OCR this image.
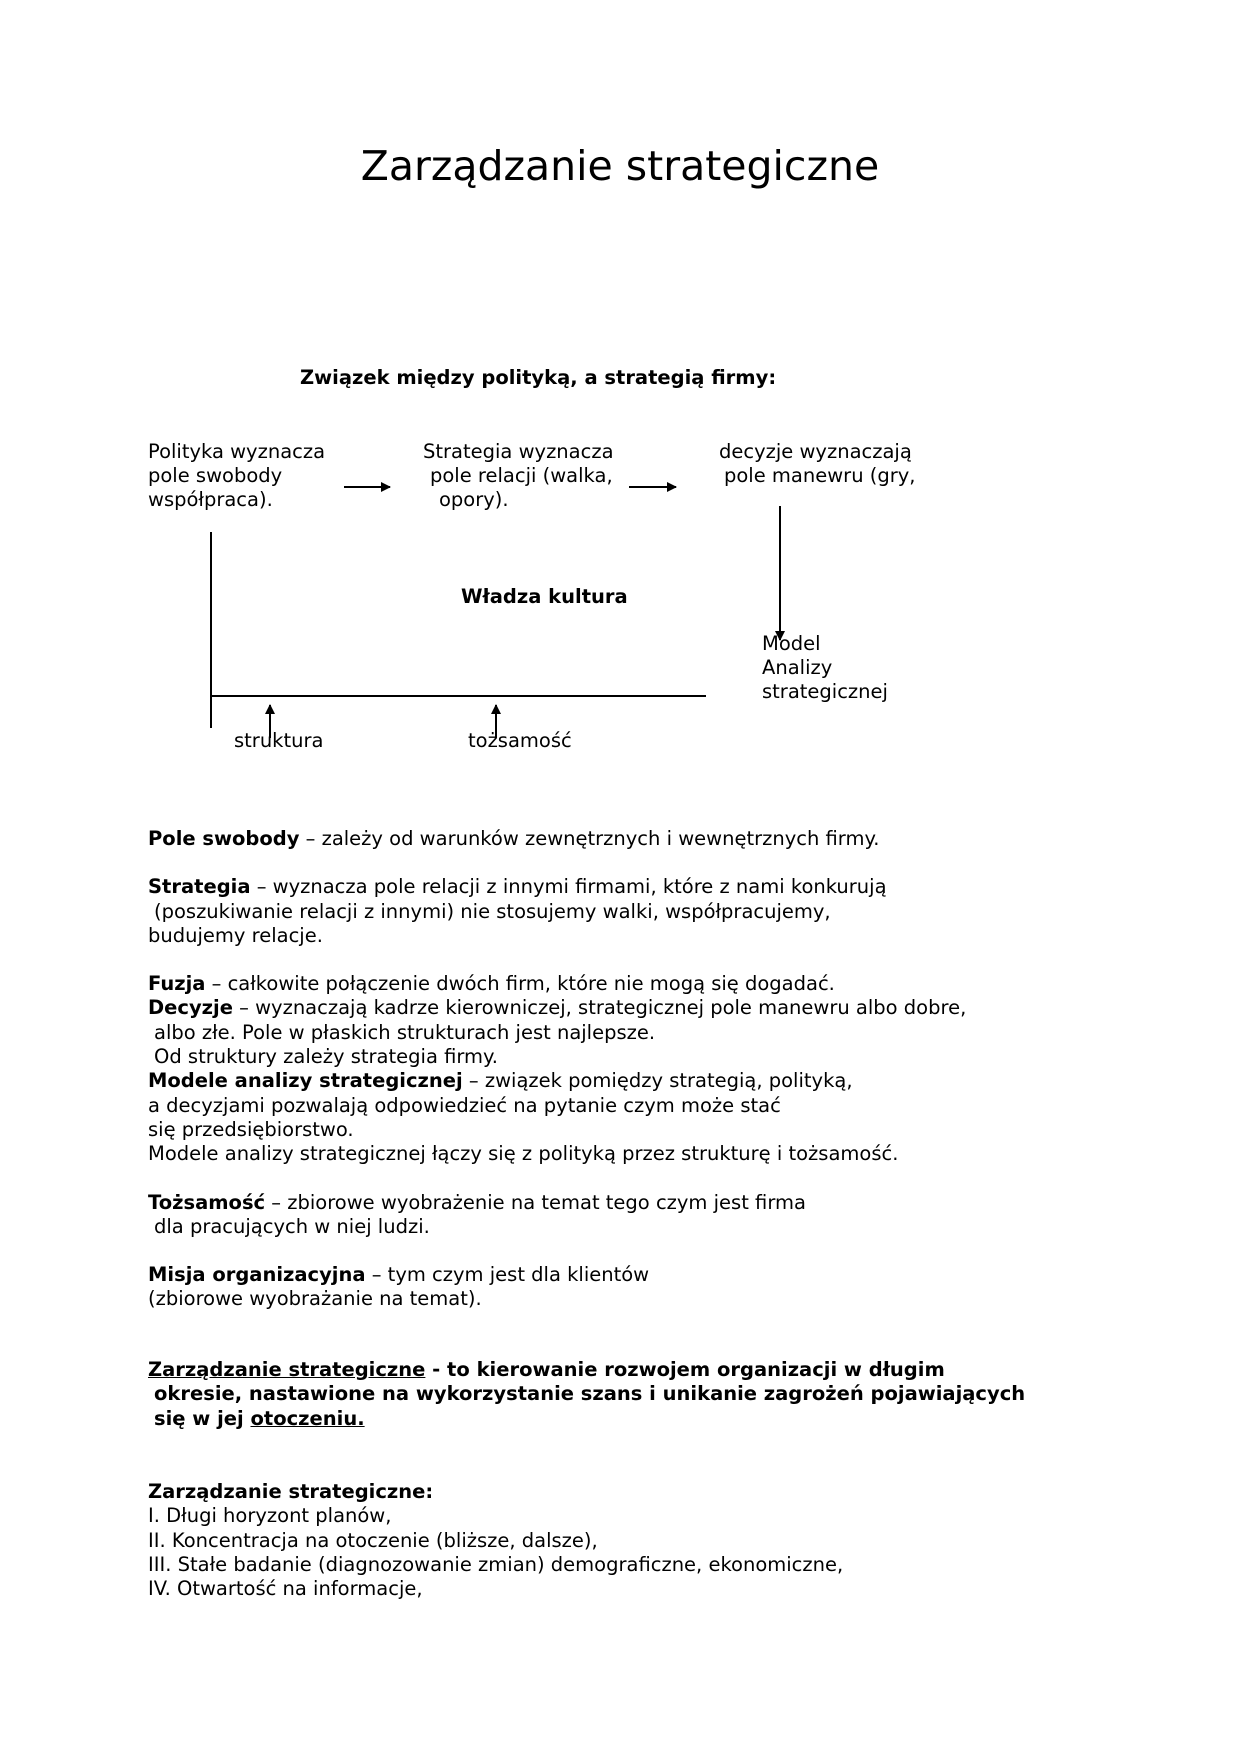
Zarządzanie strategiczne
Związek między polityką, a strategią firmy:
Polityka wyznacza
pole swobody
współpraca).
Strategia wyznacza
pole relacji (walka,
opory).
decyzje wyznaczają
pole manewru (gry,
Władza kultura
Model
Analizy
strategicznej
struktura	tożsamość
Pole swobody – zależy od warunków zewnętrznych i wewnętrznych firmy.
Strategia – wyznacza pole relacji z innymi firmami, które z nami konkurują
(poszukiwanie relacji z innymi) nie stosujemy walki, współpracujemy,
budujemy relacje.
Fuzja – całkowite połączenie dwóch firm, które nie mogą się dogadać.
Decyzje – wyznaczają kadrze kierowniczej, strategicznej pole manewru albo dobre,
albo złe. Pole w płaskich strukturach jest najlepsze.
Od struktury zależy strategia firmy.
Modele analizy strategicznej – związek pomiędzy strategią, polityką,
a decyzjami pozwalają odpowiedzieć na pytanie czym może stać
się przedsiębiorstwo.
Modele analizy strategicznej łączy się z polityką przez strukturę i tożsamość.
Tożsamość – zbiorowe wyobrażenie na temat tego czym jest firma
dla pracujących w niej ludzi.
Misja organizacyjna – tym czym jest dla klientów
(zbiorowe wyobrażanie na temat).
Zarządzanie strategiczne - to kierowanie rozwojem organizacji w długim
okresie, nastawione na wykorzystanie szans i unikanie zagrożeń pojawiających
się w jej otoczeniu.
Zarządzanie strategiczne:
I. Długi horyzont planów,
II. Koncentracja na otoczenie (bliższe, dalsze),
III. Stałe badanie (diagnozowanie zmian) demograficzne, ekonomiczne,
IV. Otwartość na informacje,
